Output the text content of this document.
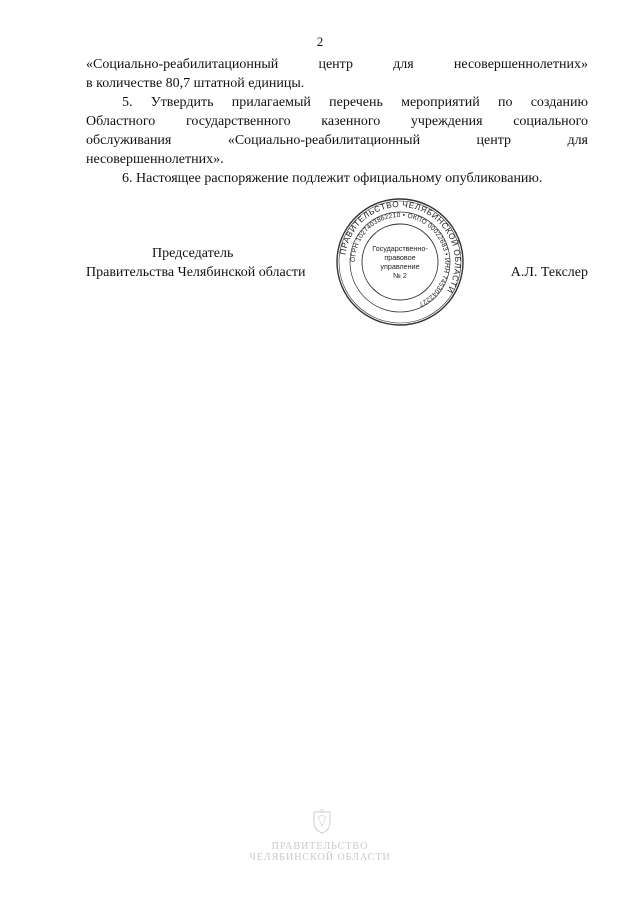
2

«Социально-реабилитационный центр для несовершеннолетних»

в количестве 80,7 штатной единицы.

5. Утвердить прилагаемый перечень мероприятий по созданию

Областного государственного казенного учреждения социального

обслуживания «Социально-реабилитационный центр для

несовершеннолетних».

6. Настоящее распоряжение подлежит официальному опубликованию.

Председатель
Правительства Челябинской области	А.Л. Текслер
ПРАВИТЕЛЬСТВО ЧЕЛЯБИНСКОЙ ОБЛАСТИ
ОГРН 1027403862210 • ОКПО 00022683 • ИНН 7453042227
Государственно-
правовое
управление
№ 2
ПРАВИТЕЛЬСТВО
ЧЕЛЯБИНСКОЙ ОБЛАСТИ
